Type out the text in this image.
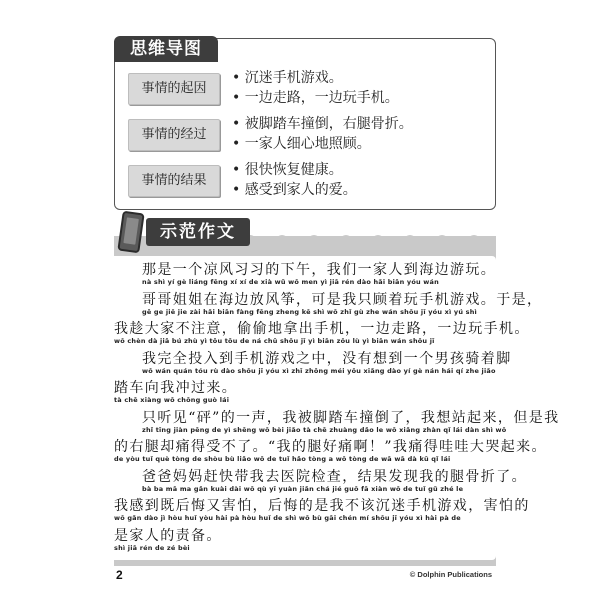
思维导图
事情的起因
• 沉迷手机游戏。
• 一边走路，一边玩手机。
事情的经过
• 被脚踏车撞倒，右腿骨折。
• 一家人细心地照顾。
事情的结果
• 很快恢复健康。
• 感受到家人的爱。
示范作文
那是一个凉风习习的下午，我们一家人到海边游玩。
nà shì yí gè liáng fēng xí xí de xià wǔ wǒ men yì jiā rén dào hǎi biān yóu wán
哥哥姐姐在海边放风筝，可是我只顾着玩手机游戏。于是，
gē ge jiě jie zài hǎi biān fàng fēng zheng kě shì wǒ zhǐ gù zhe wán shǒu jī yóu xì yú shì
我趁大家不注意，偷偷地拿出手机，一边走路，一边玩手机。
wǒ chèn dà jiā bú zhù yì tōu tōu de ná chū shǒu jī yì biān zǒu lù yì biān wán shǒu jī
我完全投入到手机游戏之中，没有想到一个男孩骑着脚
wǒ wán quán tóu rù dào shǒu jī yóu xì zhī zhōng méi yǒu xiǎng dào yí gè nán hái qí zhe jiǎo
踏车向我冲过来。
tà chē xiàng wǒ chōng guò lái
只听见“砰”的一声，我被脚踏车撞倒了，我想站起来，但是我
zhǐ tīng jiàn pēng de yì shēng wǒ bèi jiǎo tà chē zhuàng dǎo le wǒ xiǎng zhàn qǐ lái dàn shì wǒ
的右腿却痛得受不了。“我的腿好痛啊！”我痛得哇哇大哭起来。
de yòu tuǐ què tòng de shòu bù liǎo wǒ de tuǐ hǎo tòng a wǒ tòng de wā wā dà kū qǐ lái
爸爸妈妈赶快带我去医院检查，结果发现我的腿骨折了。
bà ba mā ma gǎn kuài dài wǒ qù yī yuàn jiǎn chá jié guǒ fā xiàn wǒ de tuǐ gǔ zhé le
我感到既后悔又害怕，后悔的是我不该沉迷手机游戏，害怕的
wǒ gǎn dào jì hòu huǐ yòu hài pà hòu huǐ de shì wǒ bù gāi chén mí shǒu jī yóu xì hài pà de
是家人的责备。
shì jiā rén de zé bèi
2	© Dolphin Publications
